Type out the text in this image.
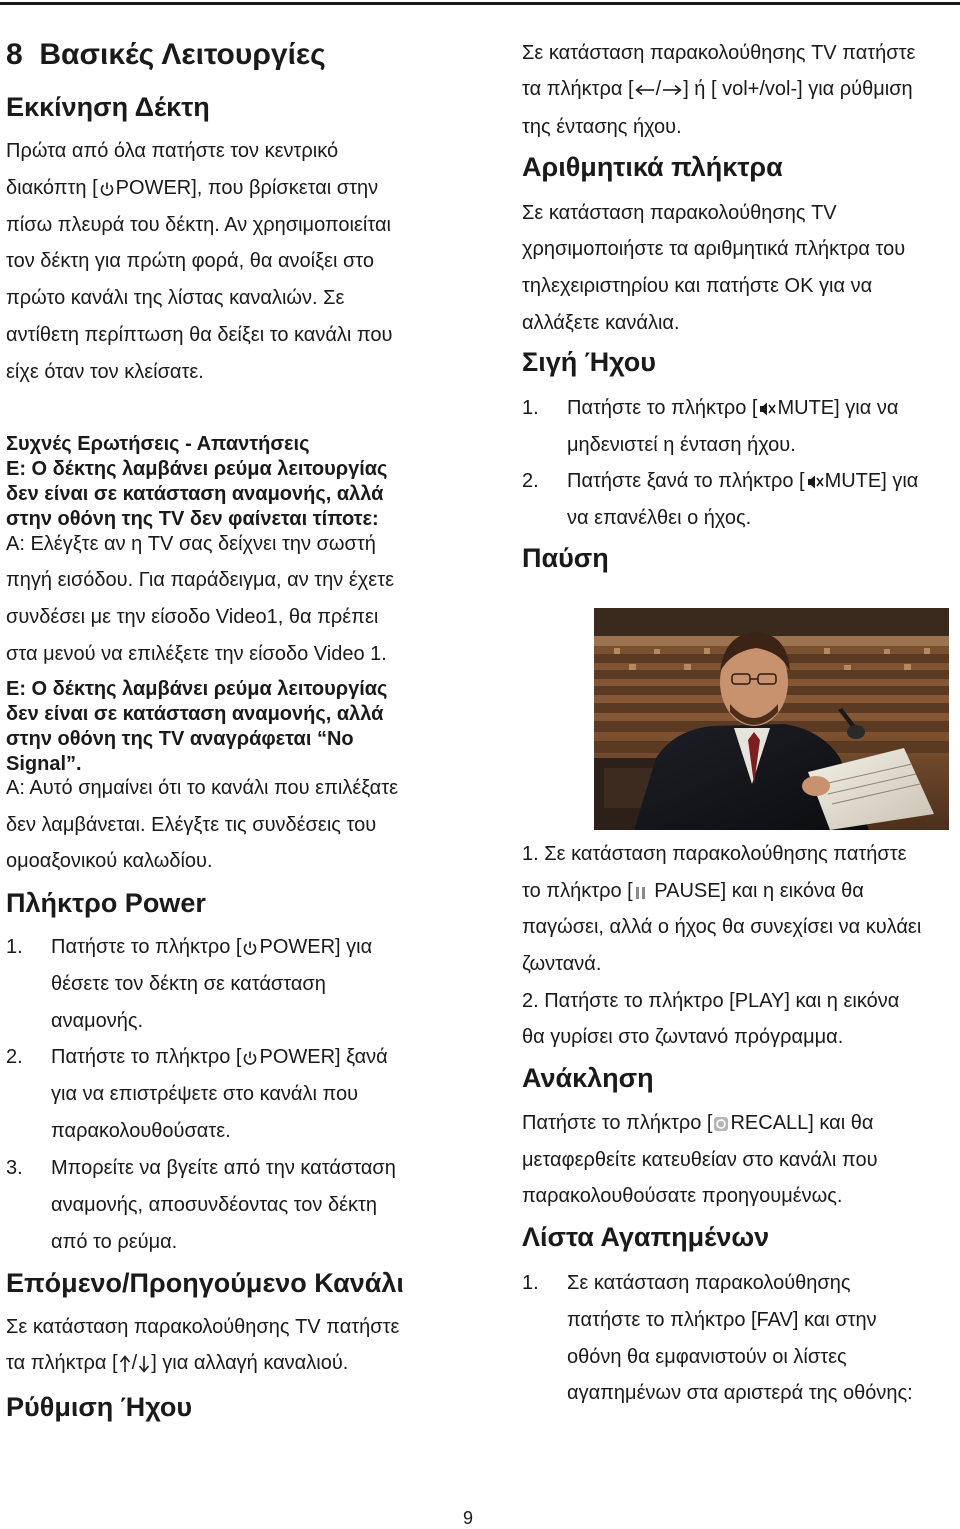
8 Βασικές Λειτουργίες
Εκκίνηση Δέκτη
Πρώτα από όλα πατήστε τον κεντρικό
διακόπτη [ POWER], που βρίσκεται στην
πίσω πλευρά του δέκτη. Αν χρησιμοποιείται
τον δέκτη για πρώτη φορά, θα ανοίξει στο
πρώτο κανάλι της λίστας καναλιών. Σε
αντίθετη περίπτωση θα δείξει το κανάλι που
είχε όταν τον κλείσατε.
Συχνές Ερωτήσεις - Απαντήσεις
Ε: Ο δέκτης λαμβάνει ρεύμα λειτουργίας
δεν είναι σε κατάσταση αναμονής, αλλά
στην οθόνη της TV δεν φαίνεται τίποτε:
Α: Ελέγξτε αν η TV σας δείχνει την σωστή
πηγή εισόδου. Για παράδειγμα, αν την έχετε
συνδέσει με την είσοδο Video1, θα πρέπει
στα μενού να επιλέξετε την είσοδο Video 1.
Ε: Ο δέκτης λαμβάνει ρεύμα λειτουργίας
δεν είναι σε κατάσταση αναμονής, αλλά
στην οθόνη της TV αναγράφεται “No
Signal”.
Α: Αυτό σημαίνει ότι το κανάλι που επιλέξατε
δεν λαμβάνεται. Ελέγξτε τις συνδέσεις του
ομοαξονικού καλωδίου.
Πλήκτρο Power
1. Πατήστε το πλήκτρο [ POWER] για
θέσετε τον δέκτη σε κατάσταση
αναμονής.
2. Πατήστε το πλήκτρο [ POWER] ξανά
για να επιστρέψετε στο κανάλι που
παρακολουθούσατε.
3. Μπορείτε να βγείτε από την κατάσταση
αναμονής, αποσυνδέοντας τον δέκτη
από το ρεύμα.
Επόμενο/Προηγούμενο Κανάλι
Σε κατάσταση παρακολούθησης TV πατήστε
τα πλήκτρα [ / ] για αλλαγή καναλιού.
Ρύθμιση Ήχου
Σε κατάσταση παρακολούθησης TV πατήστε
τα πλήκτρα [ / ] ή [ vol+/vol-] για ρύθμιση
της έντασης ήχου.
Αριθμητικά πλήκτρα
Σε κατάσταση παρακολούθησης TV
χρησιμοποιήστε τα αριθμητικά πλήκτρα του
τηλεχειριστηρίου και πατήστε OK για να
αλλάξετε κανάλια.
Σιγή Ήχου
1. Πατήστε το πλήκτρο [ MUTE] για να
μηδενιστεί η ένταση ήχου.
2. Πατήστε ξανά το πλήκτρο [ MUTE] για
να επανέλθει ο ήχος.
Παύση
1. Σε κατάσταση παρακολούθησης πατήστε
το πλήκτρο [ PAUSE] και η εικόνα θα
παγώσει, αλλά ο ήχος θα συνεχίσει να κυλάει
ζωντανά.
2. Πατήστε το πλήκτρο [PLAY] και η εικόνα
θα γυρίσει στο ζωντανό πρόγραμμα.
Ανάκληση
Πατήστε το πλήκτρο [ RECALL] και θα
μεταφερθείτε κατευθείαν στο κανάλι που
παρακολουθούσατε προηγουμένως.
Λίστα Αγαπημένων
1. Σε κατάσταση παρακολούθησης
πατήστε το πλήκτρο [FAV] και στην
οθόνη θα εμφανιστούν οι λίστες
αγαπημένων στα αριστερά της οθόνης:
9
